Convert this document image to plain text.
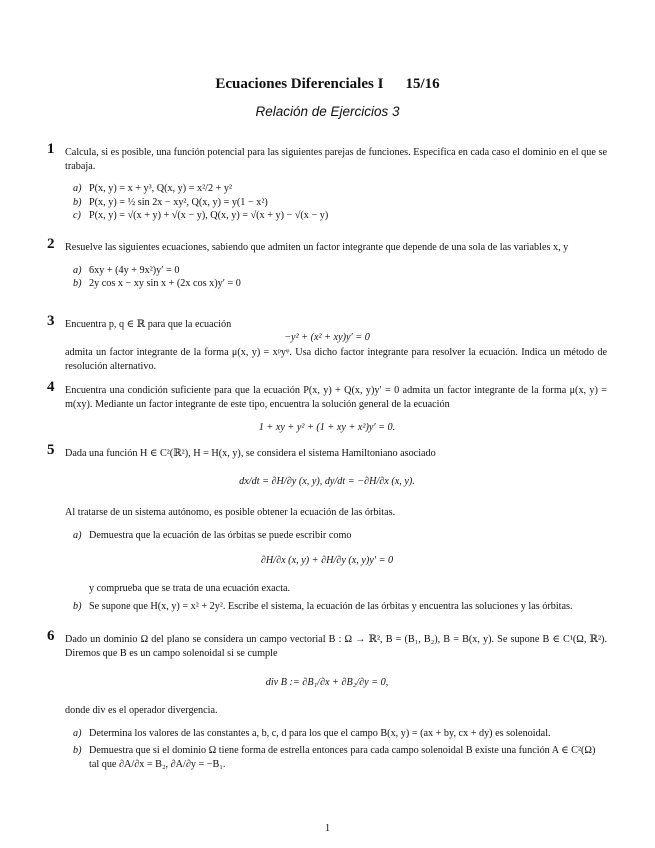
Ecuaciones Diferenciales I 15/16
Relación de Ejercicios 3
1 Calcula, si es posible, una función potencial para las siguientes parejas de funciones. Especifica en cada caso el dominio en el que se trabaja.
a) P(x, y) = x + y³, Q(x, y) = x²/2 + y²
b) P(x, y) = ½ sin 2x − xy², Q(x, y) = y(1 − x²)
c) P(x, y) = √(x + y) + √(x − y), Q(x, y) = √(x + y) − √(x − y)
2 Resuelve las siguientes ecuaciones, sabiendo que admiten un factor integrante que depende de una sola de las variables x, y
a) 6xy + (4y + 9x²)y′ = 0
b) 2y cos x − xy sin x + (2x cos x)y′ = 0
3 Encuentra p, q ∈ ℝ para que la ecuación
−y² + (x² + xy)y′ = 0
admita un factor integrante de la forma μ(x, y) = xᵖyᵠ. Usa dicho factor integrante para resolver la ecuación. Indica un método de resolución alternativo.
4 Encuentra una condición suficiente para que la ecuación P(x, y) + Q(x, y)y′ = 0 admita un factor integrante de la forma μ(x, y) = m(xy). Mediante un factor integrante de este tipo, encuentra la solución general de la ecuación
1 + xy + y² + (1 + xy + x²)y′ = 0.
5 Dada una función H ∈ C²(ℝ²), H = H(x, y), se considera el sistema Hamiltoniano asociado
dx/dt = ∂H/∂y (x, y), dy/dt = −∂H/∂x (x, y).
Al tratarse de un sistema autónomo, es posible obtener la ecuación de las órbitas.
a) Demuestra que la ecuación de las órbitas se puede escribir como
∂H/∂x (x, y) + ∂H/∂y (x, y)y′ = 0
y comprueba que se trata de una ecuación exacta.
b) Se supone que H(x, y) = x² + 2y². Escribe el sistema, la ecuación de las órbitas y encuentra las soluciones y las órbitas.
6 Dado un dominio Ω del plano se considera un campo vectorial B : Ω → ℝ², B = (B₁, B₂), B = B(x, y). Se supone B ∈ C¹(Ω, ℝ²). Diremos que B es un campo solenoidal si se cumple
div B := ∂B₁/∂x + ∂B₂/∂y = 0,
donde div es el operador divergencia.
a) Determina los valores de las constantes a, b, c, d para los que el campo B(x, y) = (ax + by, cx + dy) es solenoidal.
b) Demuestra que si el dominio Ω tiene forma de estrella entonces para cada campo solenoidal B existe una función A ∈ C²(Ω) tal que ∂A/∂x = B₂, ∂A/∂y = −B₁.
1
